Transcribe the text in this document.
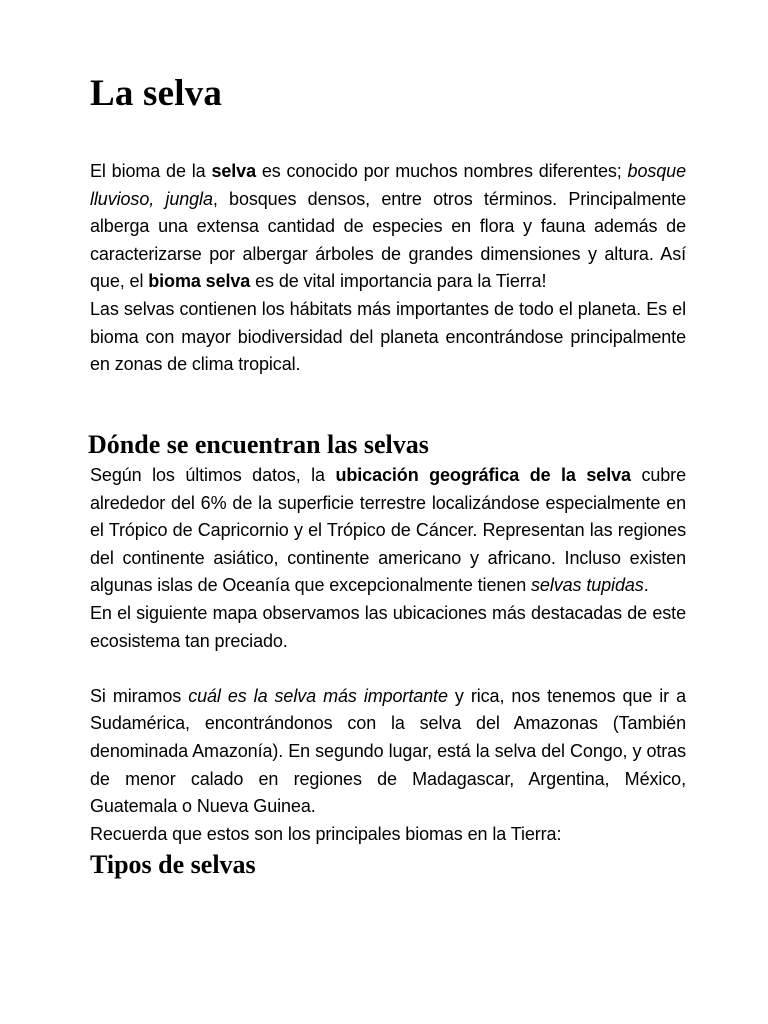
La selva

El bioma de la selva es conocido por muchos nombres diferentes; bosque lluvioso, jungla, bosques densos, entre otros términos. Principalmente alberga una extensa cantidad de especies en flora y fauna además de caracterizarse por albergar árboles de grandes dimensiones y altura. Así que, el bioma selva es de vital importancia para la Tierra!

Las selvas contienen los hábitats más importantes de todo el planeta. Es el bioma con mayor biodiversidad del planeta encontrándose principalmente en zonas de clima tropical.

Dónde se encuentran las selvas

Según los últimos datos, la ubicación geográfica de la selva cubre alrededor del 6% de la superficie terrestre localizándose especialmente en el Trópico de Capricornio y el Trópico de Cáncer. Representan las regiones del continente asiático, continente americano y africano. Incluso existen algunas islas de Oceanía que excepcionalmente tienen selvas tupidas.

En el siguiente mapa observamos las ubicaciones más destacadas de este ecosistema tan preciado.

Si miramos cuál es la selva más importante y rica, nos tenemos que ir a Sudamérica, encontrándonos con la selva del Amazonas (También denominada Amazonía). En segundo lugar, está la selva del Congo, y otras de menor calado en regiones de Madagascar, Argentina, México, Guatemala o Nueva Guinea.

Recuerda que estos son los principales biomas en la Tierra:

Tipos de selvas
